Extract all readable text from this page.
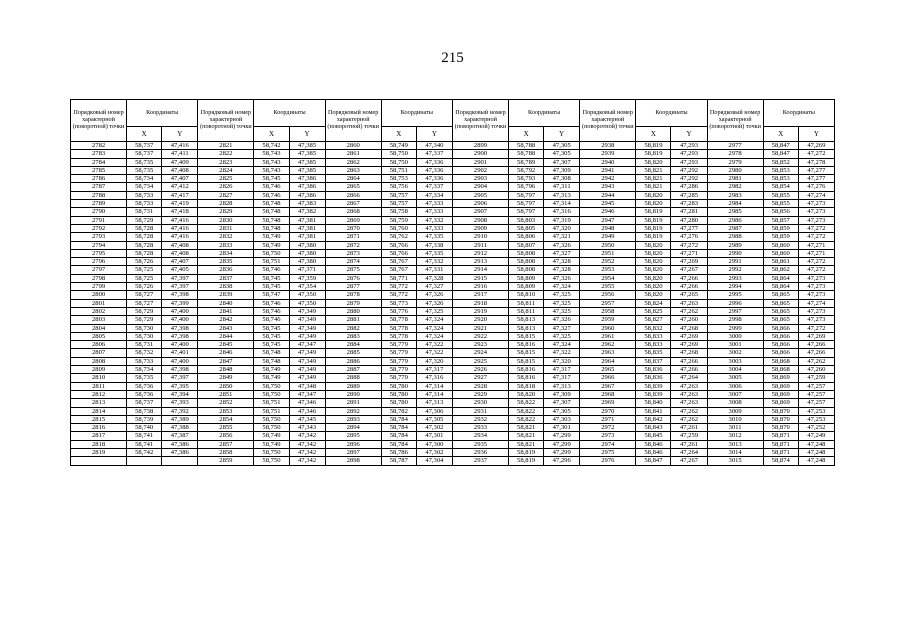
215
Порядковый номер характерной (поворотной) точки	Координаты		Порядковый номер характерной (поворотной) точки	Координаты		Порядковый номер характерной (поворотной) точки	Координаты		Порядковый номер характерной (поворотной) точки	Координаты		Порядковый номер характерной (поворотной) точки	Координаты		Порядковый номер характерной (поворотной) точки	Координаты	
	X	Y		X	Y		X	Y		X	Y		X	Y		X	Y
2782	58,737	47,416	2821	58,742	47,385	2860	58,749	47,340	2899	58,788	47,305	2938	58,819	47,293	2977	58,847	47,269
2783	58,737	47,411	2822	58,743	47,385	2861	58,750	47,337	2900	58,788	47,305	2939	58,819	47,293	2978	58,847	47,272
2784	58,735	47,409	2823	58,743	47,385	2862	58,750	47,336	2901	58,789	47,307	2940	58,820	47,293	2979	58,852	47,278
2785	58,735	47,408	2824	58,743	47,385	2863	58,751	47,336	2902	58,792	47,309	2941	58,821	47,292	2980	58,853	47,277
2786	58,734	47,407	2825	58,745	47,386	2864	58,753	47,336	2903	58,793	47,308	2942	58,821	47,292	2981	58,853	47,277
2787	58,734	47,412	2826	58,746	47,386	2865	58,756	47,337	2904	58,796	47,311	2943	58,821	47,286	2982	58,854	47,276
2788	58,733	47,417	2827	58,746	47,386	2866	58,757	47,334	2905	58,797	47,313	2944	58,820	47,285	2983	58,855	47,274
2789	58,733	47,419	2828	58,748	47,383	2867	58,757	47,333	2906	58,797	47,314	2945	58,820	47,283	2984	58,855	47,273
2790	58,731	47,418	2829	58,748	47,382	2868	58,758	47,333	2907	58,797	47,316	2946	58,819	47,281	2985	58,856	47,273
2791	58,729	47,416	2830	58,748	47,381	2869	58,759	47,332	2908	58,803	47,319	2947	58,819	47,280	2986	58,857	47,273
2792	58,728	47,416	2831	58,748	47,381	2870	58,760	47,333	2909	58,805	47,320	2948	58,819	47,277	2987	58,859	47,272
2793	58,728	47,416	2832	58,749	47,381	2871	58,762	47,335	2910	58,806	47,321	2949	58,819	47,276	2988	58,859	47,272
2794	58,728	47,408	2833	58,749	47,380	2872	58,766	47,338	2911	58,807	47,326	2950	58,820	47,272	2989	58,860	47,271
2795	58,728	47,408	2834	58,750	47,380	2873	58,766	47,335	2912	58,808	47,327	2951	58,820	47,271	2990	58,860	47,271
2796	58,726	47,407	2835	58,751	47,380	2874	58,767	47,332	2913	58,808	47,328	2952	58,820	47,269	2991	58,861	47,272
2797	58,725	47,405	2836	58,746	47,371	2875	58,767	47,331	2914	58,808	47,328	2953	58,820	47,267	2992	58,862	47,272
2798	58,725	47,397	2837	58,745	47,359	2876	58,771	47,328	2915	58,809	47,326	2954	58,820	47,266	2993	58,864	47,273
2799	58,726	47,397	2838	58,745	47,354	2877	58,772	47,327	2916	58,809	47,324	2955	58,820	47,266	2994	58,864	47,273
2800	58,727	47,398	2839	58,747	47,350	2878	58,772	47,326	2917	58,810	47,325	2956	58,820	47,265	2995	58,865	47,273
2801	58,727	47,399	2840	58,746	47,350	2879	58,773	47,326	2918	58,811	47,325	2957	58,824	47,263	2996	58,865	47,274
2802	58,729	47,400	2841	58,746	47,349	2880	58,776	47,325	2919	58,811	47,325	2958	58,825	47,262	2997	58,865	47,273
2803	58,729	47,400	2842	58,746	47,349	2881	58,778	47,324	2920	58,813	47,326	2959	58,827	47,260	2998	58,865	47,273
2804	58,730	47,398	2843	58,745	47,349	2882	58,778	47,324	2921	58,813	47,327	2960	58,832	47,268	2999	58,866	47,272
2805	58,730	47,398	2844	58,745	47,349	2883	58,778	47,324	2922	58,815	47,325	2961	58,833	47,269	3000	58,866	47,269
2806	58,731	47,400	2845	58,745	47,347	2884	58,779	47,322	2923	58,816	47,324	2962	58,833	47,269	3001	58,866	47,266
2807	58,732	47,401	2846	58,748	47,349	2885	58,779	47,322	2924	58,815	47,322	2963	58,835	47,268	3002	58,866	47,266
2808	58,733	47,400	2847	58,748	47,349	2886	58,779	47,320	2925	58,815	47,320	2964	58,837	47,266	3003	58,868	47,262
2809	58,734	47,398	2848	58,749	47,349	2887	58,779	47,317	2926	58,816	47,317	2965	58,836	47,266	3004	58,868	47,260
2810	58,735	47,397	2849	58,749	47,349	2888	58,779	47,316	2927	58,816	47,317	2966	58,836	47,264	3005	58,869	47,259
2811	58,736	47,395	2850	58,750	47,348	2889	58,780	47,314	2928	58,818	47,313	2967	58,839	47,263	3006	58,869	47,257
2812	58,736	47,394	2851	58,750	47,347	2890	58,780	47,314	2929	58,820	47,309	2968	58,839	47,263	3007	58,869	47,257
2813	58,737	47,393	2852	58,751	47,346	2891	58,780	47,313	2930	58,822	47,307	2969	58,840	47,263	3008	58,869	47,257
2814	58,738	47,392	2853	58,751	47,346	2892	58,782	47,306	2931	58,822	47,305	2970	58,841	47,262	3009	58,870	47,253
2815	58,739	47,389	2854	58,750	47,345	2893	58,784	47,305	2932	58,822	47,303	2971	58,842	47,262	3010	58,870	47,253
2816	58,740	47,388	2855	58,750	47,343	2894	58,784	47,302	2933	58,821	47,301	2972	58,843	47,261	3011	58,870	47,252
2817	58,741	47,387	2856	58,749	47,342	2895	58,784	47,301	2934	58,821	47,299	2973	58,845	47,259	3012	58,871	47,249
2818	58,741	47,386	2857	58,749	47,342	2896	58,784	47,300	2935	58,821	47,299	2974	58,846	47,261	3013	58,871	47,248
2819	58,742	47,386	2858	58,750	47,342	2897	58,786	47,302	2936	58,819	47,299	2975	58,846	47,264	3014	58,871	47,248
			2859	58,750	47,342	2898	58,787	47,304	2937	58,819	47,296	2976	58,847	47,267	3015	58,874	47,248
